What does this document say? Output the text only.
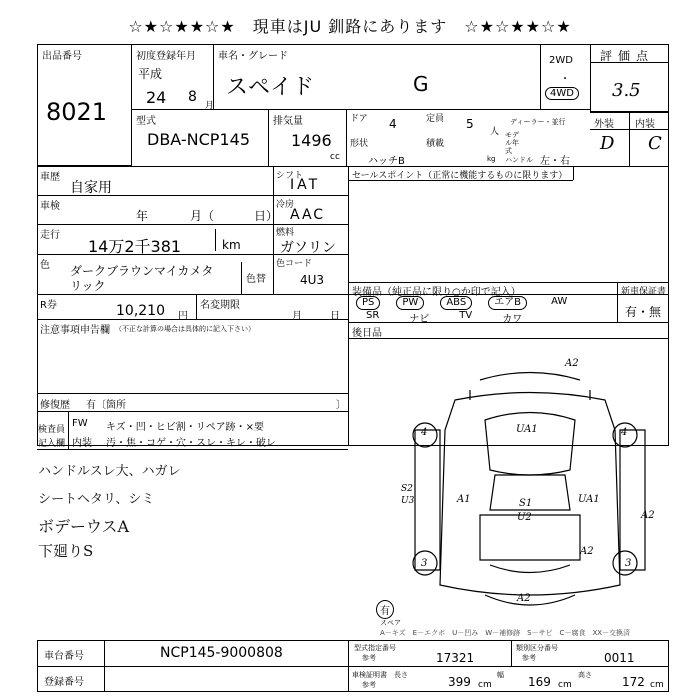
☆★☆★★☆★　現車はJU 釧路にあります　☆★☆★★☆★
出品番号
8021
初度登録年月
平成
24 8
月
車名・グレード
スペイド	G
2WD
・
4WD
評価点
3.5
型式
DBA-NCP145
排気量
1496
cc
ドア 4	定員 5
人
ディーラー・並行
形状	積載
ハッチB	kg
モデル年式
ハンドル 左・右
外装 内装
D C
車歴
自家用
シフト
IAT
車検
年	月（	日）
冷房
AAC
走行
14万2千381	km
燃料
ガソリン
色 ダークブラウンマイカメタ
リック	色替
色コード
4U3
セールスポイント（正常に機能するものに限ります）
R券	10,210 円
名変期限
月	日
装備品（純正品に限り○か印で記入）
PS	PW	ABS	エアB	AW
SR	ナビ	TV	カワ
新車保証書
有・無
注意事項申告欄 （不正な計算の場合は具体的に記入下さい）	後日品
修復歴 有〔箇所	〕
検査員
記入欄
FW キズ・凹・ヒビ割・リペア跡・×要
内装 汚・焦・コゲ・穴・スレ・キレ・破レ
ハンドルスレ大、ハガレ
シートヘタリ、シミ
ボデーウスA
下廻りS
A2
UA1
4	4
S2
U3	A1	S1
U2
UA1
A2
A2
3	3
A2
有
スペア
A－キズ　E－エクボ　U－凹み　W－補修跡　S－サビ　C－腐食　XX－交換済
車台番号	NCP145-9000808
登録番号
型式指定番号
参考	17321
類別区分番号
参考	0011
車検証明書
参考
長さ	399 cm
幅 169 cm
高さ	172 cm
